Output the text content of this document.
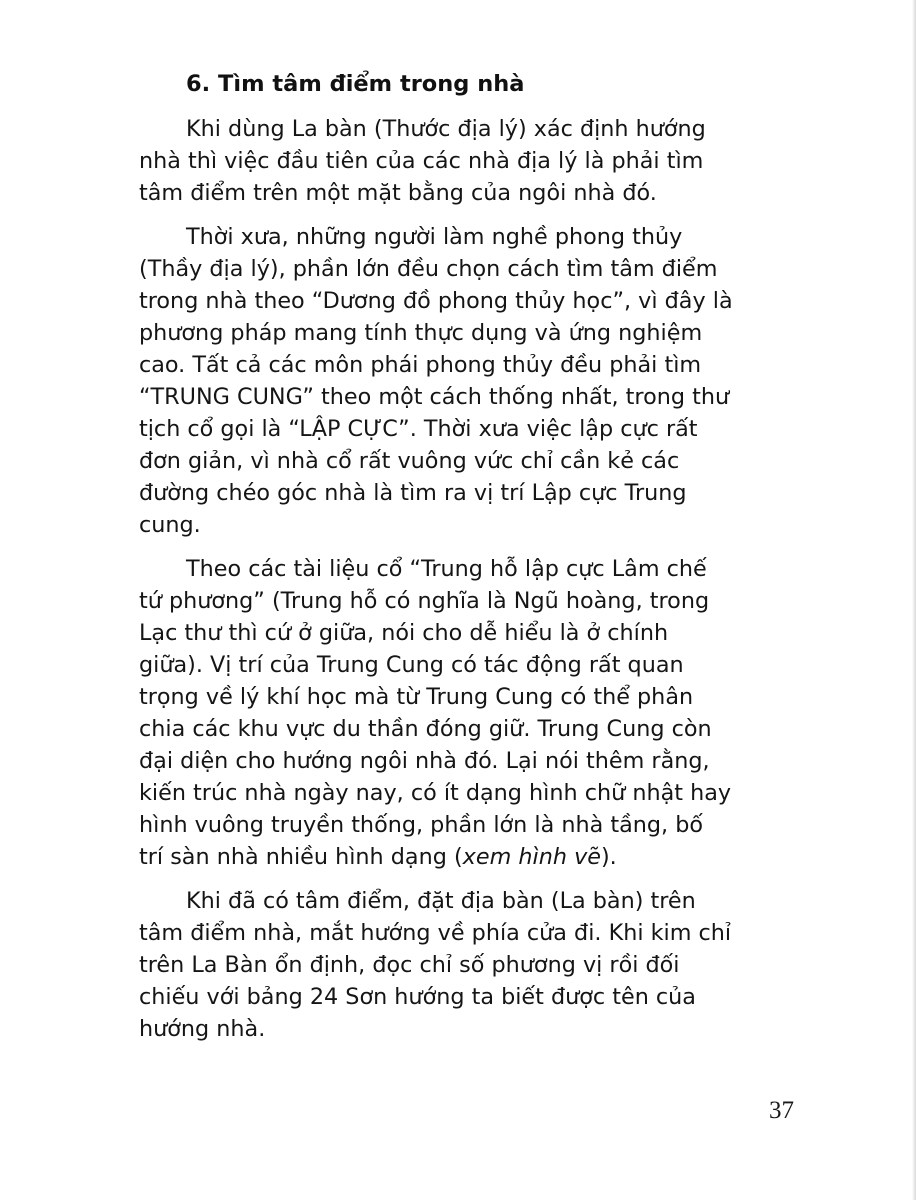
6. Tìm tâm điểm trong nhà

Khi dùng La bàn (Thước địa lý) xác định hướng
nhà thì việc đầu tiên của các nhà địa lý là phải tìm
tâm điểm trên một mặt bằng của ngôi nhà đó.

Thời xưa, những người làm nghề phong thủy
(Thầy địa lý), phần lớn đều chọn cách tìm tâm điểm
trong nhà theo “Dương đồ phong thủy học”, vì đây là
phương pháp mang tính thực dụng và ứng nghiệm
cao. Tất cả các môn phái phong thủy đều phải tìm
“TRUNG CUNG” theo một cách thống nhất, trong thư
tịch cổ gọi là “LẬP CỰC”. Thời xưa việc lập cực rất
đơn giản, vì nhà cổ rất vuông vức chỉ cần kẻ các
đường chéo góc nhà là tìm ra vị trí Lập cực Trung
cung.

Theo các tài liệu cổ “Trung hỗ lập cực Lâm chế
tứ phương” (Trung hỗ có nghĩa là Ngũ hoàng, trong
Lạc thư thì cứ ở giữa, nói cho dễ hiểu là ở chính
giữa). Vị trí của Trung Cung có tác động rất quan
trọng về lý khí học mà từ Trung Cung có thể phân
chia các khu vực du thần đóng giữ. Trung Cung còn
đại diện cho hướng ngôi nhà đó. Lại nói thêm rằng,
kiến trúc nhà ngày nay, có ít dạng hình chữ nhật hay
hình vuông truyền thống, phần lớn là nhà tầng, bố
trí sàn nhà nhiều hình dạng (xem hình vẽ).

Khi đã có tâm điểm, đặt địa bàn (La bàn) trên
tâm điểm nhà, mắt hướng về phía cửa đi. Khi kim chỉ
trên La Bàn ổn định, đọc chỉ số phương vị rồi đối
chiếu với bảng 24 Sơn hướng ta biết được tên của
hướng nhà.

37
